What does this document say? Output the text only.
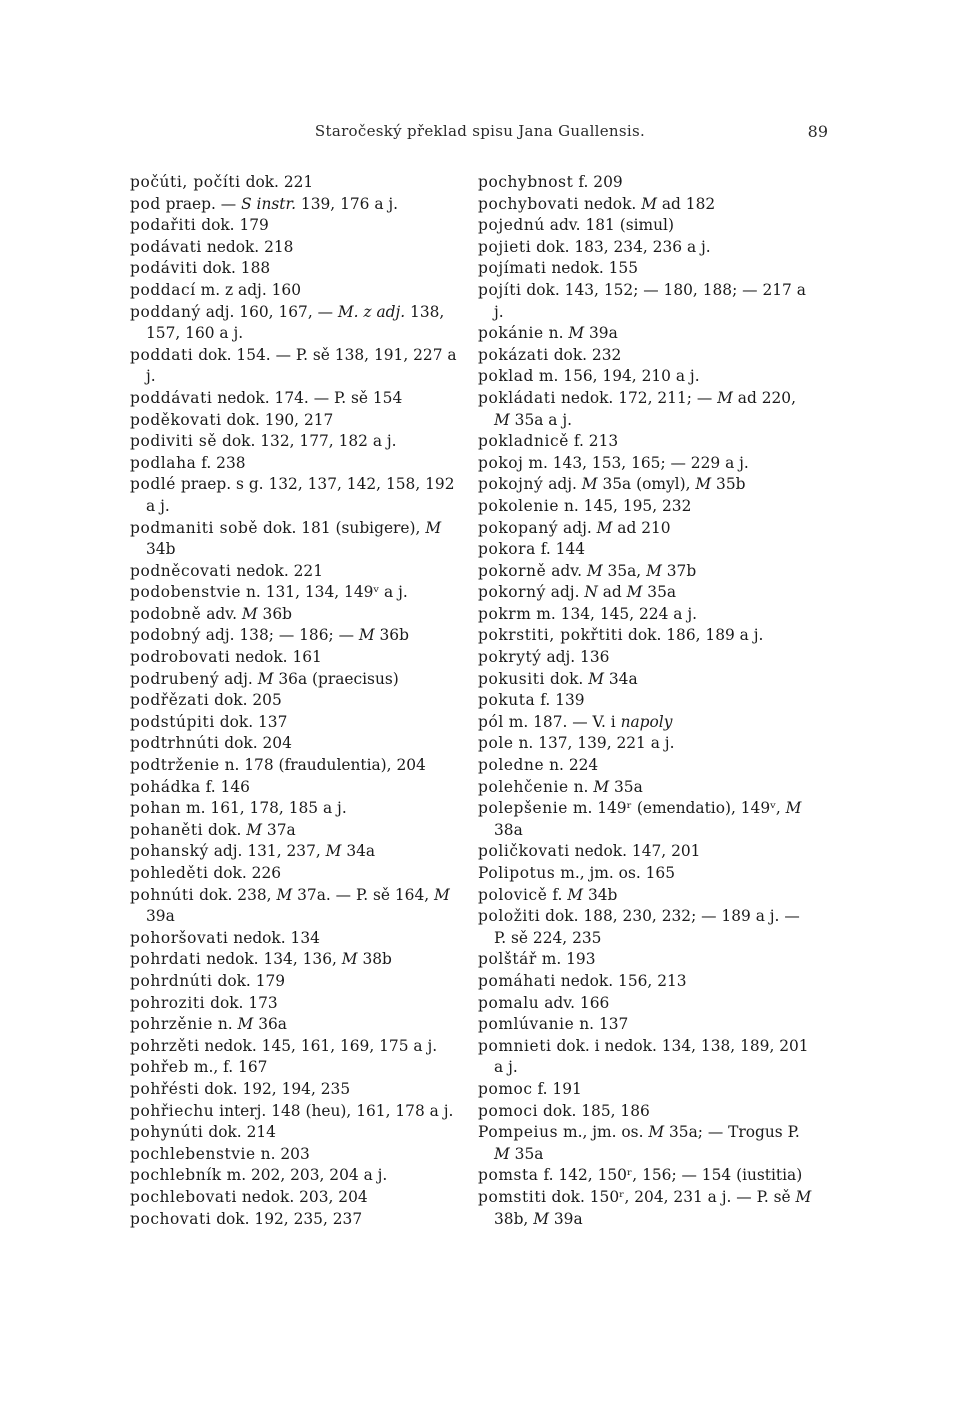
Staročeský překlad spisu Jana Guallensis.	89
počúti, počíti dok. 221
pod praep. — S instr. 139, 176 a j.
podařiti dok. 179
podávati nedok. 218
podáviti dok. 188
poddací m. z adj. 160
poddaný adj. 160, 167, — M. z adj. 138, 157, 160 a j.
poddati dok. 154. — P. sě 138, 191, 227 a j.
poddávati nedok. 174. — P. sě 154
poděkovati dok. 190, 217
podiviti sě dok. 132, 177, 182 a j.
podlaha f. 238
podlé praep. s g. 132, 137, 142, 158, 192 a j.
podmaniti sobě dok. 181 (subigere), M 34b
podněcovati nedok. 221
podobenstvie n. 131, 134, 149ᵛ a j.
podobně adv. M 36b
podobný adj. 138; — 186; — M 36b
podrobovati nedok. 161
podrubený adj. M 36a (praecisus)
podřězati dok. 205
podstúpiti dok. 137
podtrhnúti dok. 204
podtrženie n. 178 (fraudulentia), 204
pohádka f. 146
pohan m. 161, 178, 185 a j.
pohaněti dok. M 37a
pohanský adj. 131, 237, M 34a
pohleděti dok. 226
pohnúti dok. 238, M 37a. — P. sě 164, M 39a
pohoršovati nedok. 134
pohrdati nedok. 134, 136, M 38b
pohrdnúti dok. 179
pohroziti dok. 173
pohrzěnie n. M 36a
pohrzěti nedok. 145, 161, 169, 175 a j.
pohřeb m., f. 167
pohřésti dok. 192, 194, 235
pohřiechu interj. 148 (heu), 161, 178 a j.
pohynúti dok. 214
pochlebenstvie n. 203
pochlebník m. 202, 203, 204 a j.
pochlebovati nedok. 203, 204
pochovati dok. 192, 235, 237
pochybnost f. 209
pochybovati nedok. M ad 182
pojednú adv. 181 (simul)
pojieti dok. 183, 234, 236 a j.
pojímati nedok. 155
pojíti dok. 143, 152; — 180, 188; — 217 a j.
pokánie n. M 39a
pokázati dok. 232
poklad m. 156, 194, 210 a j.
pokládati nedok. 172, 211; — M ad 220, M 35a a j.
pokladnicě f. 213
pokoj m. 143, 153, 165; — 229 a j.
pokojný adj. M 35a (omyl), M 35b
pokolenie n. 145, 195, 232
pokopaný adj. M ad 210
pokora f. 144
pokorně adv. M 35a, M 37b
pokorný adj. N ad M 35a
pokrm m. 134, 145, 224 a j.
pokrstiti, pokřtiti dok. 186, 189 a j.
pokrytý adj. 136
pokusiti dok. M 34a
pokuta f. 139
pól m. 187. — V. i napoly
pole n. 137, 139, 221 a j.
poledne n. 224
polehčenie n. M 35a
polepšenie m. 149ʳ (emendatio), 149ᵛ, M 38a
poličkovati nedok. 147, 201
Polipotus m., jm. os. 165
polovicě f. M 34b
položiti dok. 188, 230, 232; — 189 a j. — P. sě 224, 235
polštář m. 193
pomáhati nedok. 156, 213
pomalu adv. 166
pomlúvanie n. 137
pomnieti dok. i nedok. 134, 138, 189, 201 a j.
pomoc f. 191
pomoci dok. 185, 186
Pompeius m., jm. os. M 35a; — Trogus P. M 35a
pomsta f. 142, 150ʳ, 156; — 154 (iustitia)
pomstiti dok. 150ʳ, 204, 231 a j. — P. sě M 38b, M 39a
